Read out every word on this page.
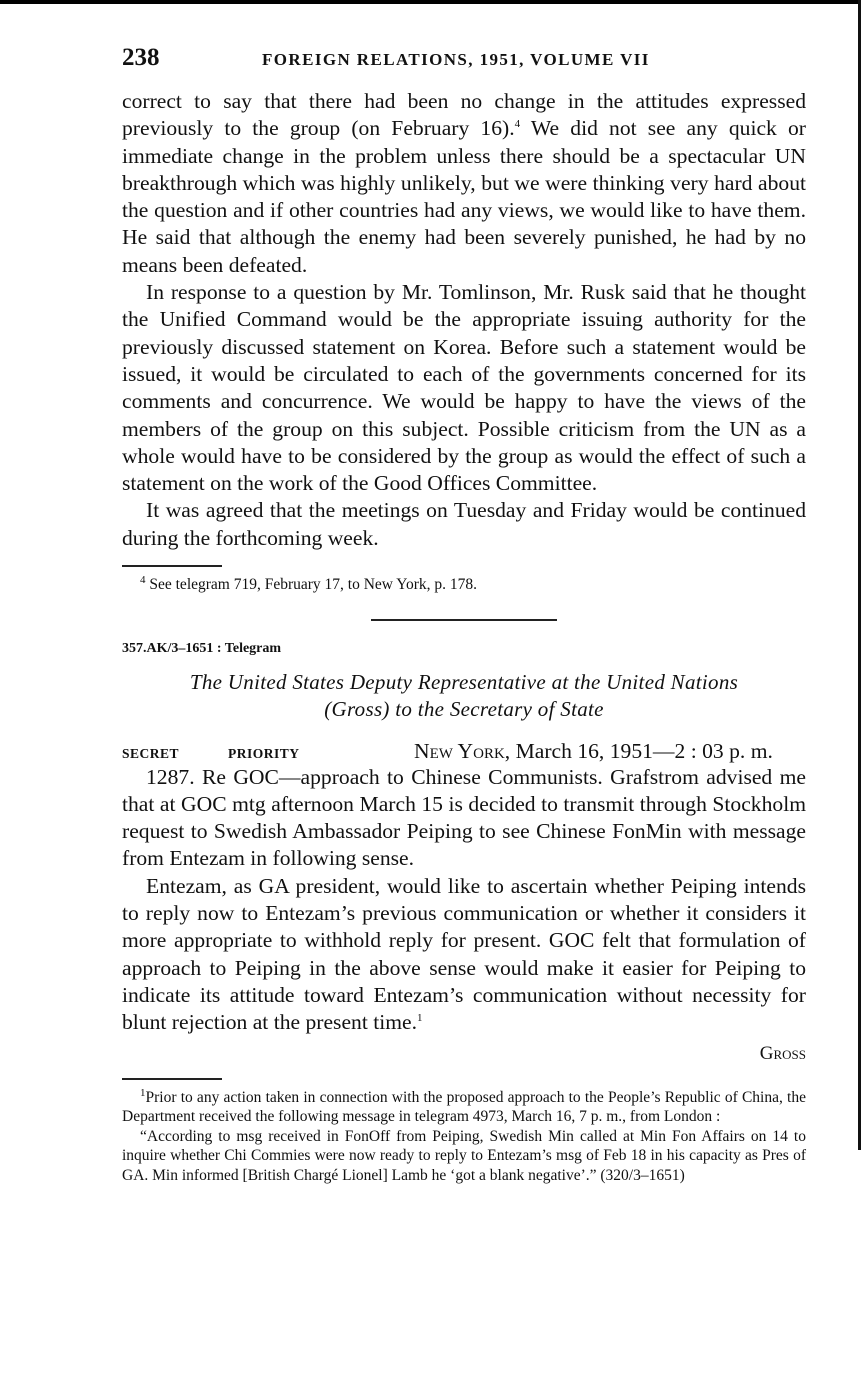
238	FOREIGN RELATIONS, 1951, VOLUME VII

correct to say that there had been no change in the attitudes expressed previously to the group (on February 16).$^4$ We did not see any quick or immediate change in the problem unless there should be a spectacular UN breakthrough which was highly unlikely, but we were thinking very hard about the question and if other countries had any views, we would like to have them. He said that although the enemy had been severely punished, he had by no means been defeated.

In response to a question by Mr. Tomlinson, Mr. Rusk said that he thought the Unified Command would be the appropriate issuing authority for the previously discussed statement on Korea. Before such a statement would be issued, it would be circulated to each of the governments concerned for its comments and concurrence. We would be happy to have the views of the members of the group on this subject. Possible criticism from the UN as a whole would have to be considered by the group as would the effect of such a statement on the work of the Good Offices Committee.

It was agreed that the meetings on Tuesday and Friday would be continued during the forthcoming week.

$^4$ See telegram 719, February 17, to New York, p. 178.

357.AK/3–1651 : Telegram
The United States Deputy Representative at the United Nations
(Gross) to the Secretary of State
SECRET	PRIORITY	New York, March 16, 1951—2 : 03 p. m.

1287. Re GOC—approach to Chinese Communists. Grafstrom advised me that at GOC mtg afternoon March 15 is decided to transmit through Stockholm request to Swedish Ambassador Peiping to see Chinese FonMin with message from Entezam in following sense.

Entezam, as GA president, would like to ascertain whether Peiping intends to reply now to Entezam’s previous communication or whether it considers it more appropriate to withhold reply for present. GOC felt that formulation of approach to Peiping in the above sense would make it easier for Peiping to indicate its attitude toward Entezam’s communication without necessity for blunt rejection at the present time.$^1$

Gross

$^1$Prior to any action taken in connection with the proposed approach to the People’s Republic of China, the Department received the following message in telegram 4973, March 16, 7 p. m., from London :

“According to msg received in FonOff from Peiping, Swedish Min called at Min Fon Affairs on 14 to inquire whether Chi Commies were now ready to reply to Entezam’s msg of Feb 18 in his capacity as Pres of GA. Min informed [British Chargé Lionel] Lamb he ‘got a blank negative’.” (320/3–1651)
